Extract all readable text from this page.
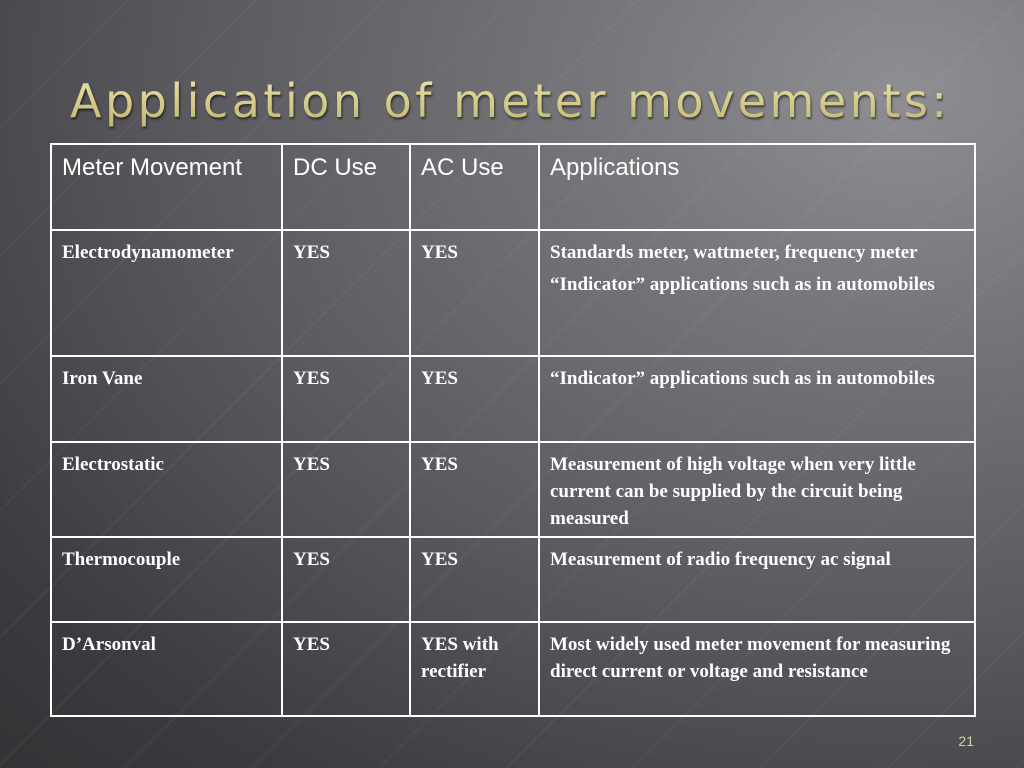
Application of meter movements:
Meter Movement	DC Use	AC Use	Applications
Electrodynamometer	YES	YES	Standards meter, wattmeter, frequency meter
“Indicator” applications such as in automobiles

Iron Vane	YES	YES	“Indicator” applications such as in automobiles

Electrostatic	YES	YES	Measurement of high voltage when very little current can be supplied by the circuit being measured

Thermocouple	YES	YES	Measurement of radio frequency ac signal

D’Arsonval	YES	YES with rectifier	Most widely used meter movement for measuring direct current or voltage and resistance
21
